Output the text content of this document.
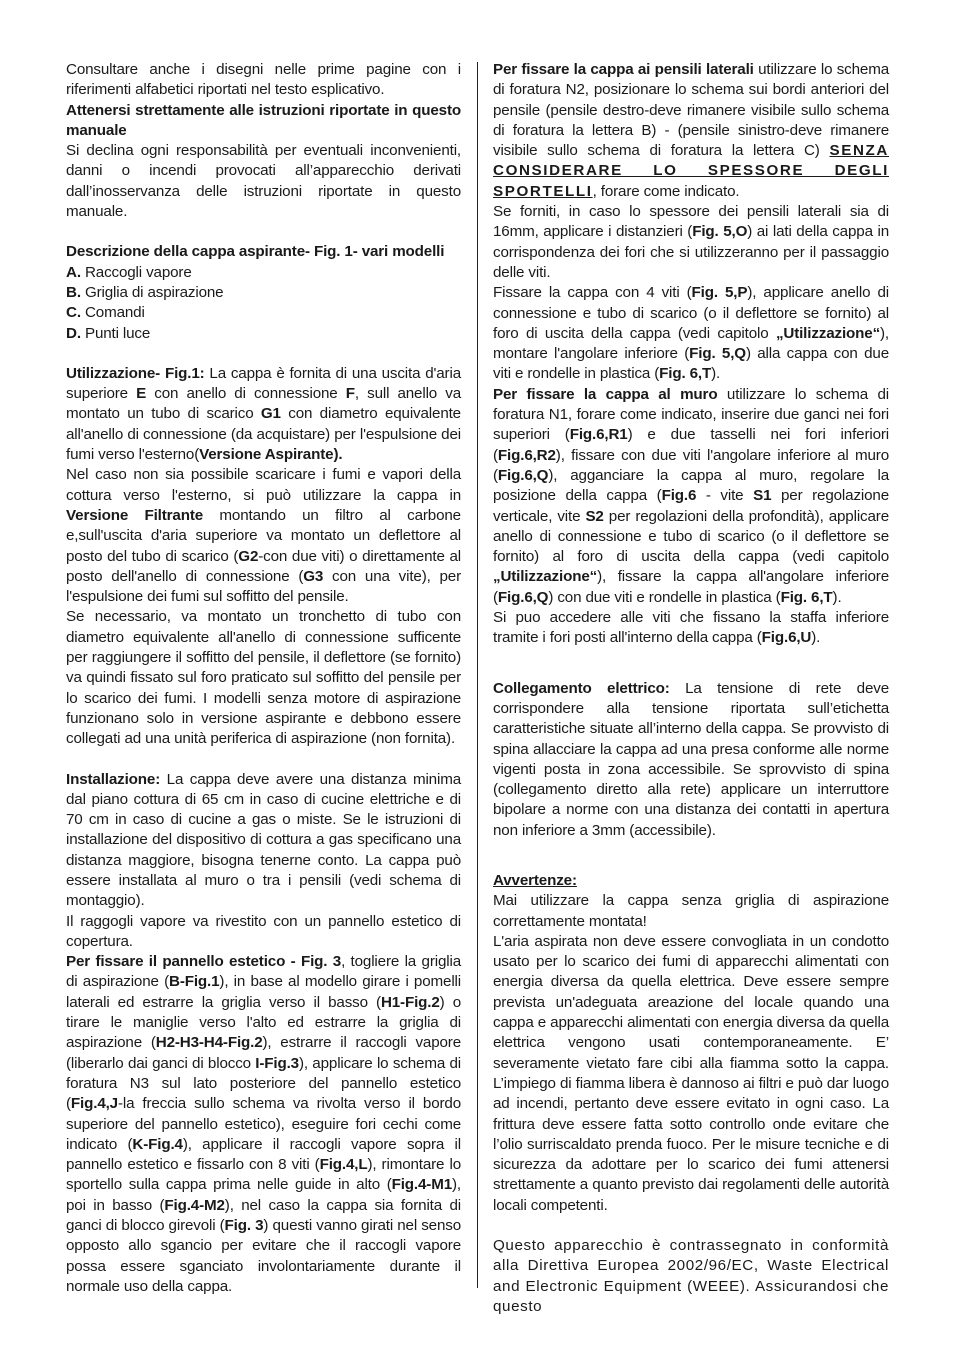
Consultare anche i disegni nelle prime pagine con i riferimenti alfabetici riportati nel testo esplicativo.

Attenersi strettamente alle istruzioni riportate in questo manuale

Si declina ogni responsabilità per eventuali inconvenienti, danni o incendi provocati all’apparecchio derivati dall’inosservanza delle istruzioni riportate in questo manuale.

Descrizione della cappa aspirante- Fig. 1- vari modelli

A. Raccogli vapore

B. Griglia di aspirazione

C. Comandi

D. Punti luce

Utilizzazione- Fig.1: La cappa è fornita di una uscita d'aria superiore E con anello di connessione F, sull anello va montato un tubo di scarico G1 con diametro equivalente all'anello di connessione (da acquistare) per l'espulsione dei fumi verso l'esterno(Versione Aspirante).

Nel caso non sia possibile scaricare i fumi e vapori della cottura verso l'esterno, si può utilizzare la cappa in Versione Filtrante montando un filtro al carbone e,sull'uscita d'aria superiore va montato un deflettore al posto del tubo di scarico (G2-con due viti) o direttamente al posto dell'anello di connessione (G3 con una vite), per l'espulsione dei fumi sul soffitto del pensile.

Se necessario, va montato un tronchetto di tubo con diametro equivalente all'anello di connessione sufficente per raggiungere il soffitto del pensile, il deflettore (se fornito) va quindi fissato sul foro praticato sul soffitto del pensile per lo scarico dei fumi. I modelli senza motore di aspirazione funzionano solo in versione aspirante e debbono essere collegati ad una unità periferica di aspirazione (non fornita).

Installazione: La cappa deve avere una distanza minima dal piano cottura di 65 cm in caso di cucine elettriche e di 70 cm in caso di cucine a gas o miste. Se le istruzioni di installazione del dispositivo di cottura a gas specificano una distanza maggiore, bisogna tenerne conto. La cappa può essere installata al muro o tra i pensili (vedi schema di montaggio).

Il raggogli vapore va rivestito con un pannello estetico di copertura.

Per fissare il pannello estetico - Fig. 3, togliere la griglia di aspirazione (B-Fig.1), in base al modello girare i pomelli laterali ed estrarre la griglia verso il basso (H1-Fig.2) o tirare le maniglie verso l'alto ed estrarre la griglia di aspirazione (H2-H3-H4-Fig.2), estrarre il raccogli vapore (liberarlo dai ganci di blocco I-Fig.3), applicare lo schema di foratura N3 sul lato posteriore del pannello estetico (Fig.4,J-la freccia sullo schema va rivolta verso il bordo superiore del pannello estetico), eseguire fori cechi come indicato (K-Fig.4), applicare il raccogli vapore sopra il pannello estetico e fissarlo con 8 viti (Fig.4,L), rimontare lo sportello sulla cappa prima nelle guide in alto (Fig.4-M1), poi in basso (Fig.4-M2), nel caso la cappa sia fornita di ganci di blocco girevoli (Fig. 3) questi vanno girati nel senso opposto allo sgancio per evitare che il raccogli vapore possa essere sganciato involontariamente durante il normale uso della cappa.

Per fissare la cappa ai pensili laterali utilizzare lo schema di foratura N2, posizionare lo schema sui bordi anteriori del pensile (pensile destro-deve rimanere visibile sullo schema di foratura la lettera B) - (pensile sinistro-deve rimanere visibile sullo schema di foratura la lettera C) SENZA CONSIDERARE LO SPESSORE DEGLI SPORTELLI, forare come indicato.

Se forniti, in caso lo spessore dei pensili laterali sia di 16mm, applicare i distanzieri (Fig. 5,O) ai lati della cappa in corrispondenza dei fori che si utilizzeranno per il passaggio delle viti.

Fissare la cappa con 4 viti (Fig. 5,P), applicare anello di connessione e tubo di scarico (o il deflettore se fornito) al foro di uscita della cappa (vedi capitolo „Utilizzazione“), montare l'angolare inferiore (Fig. 5,Q) alla cappa con due viti e rondelle in plastica (Fig. 6,T).

Per fissare la cappa al muro utilizzare lo schema di foratura N1, forare come indicato, inserire due ganci nei fori superiori (Fig.6,R1) e due tasselli nei fori inferiori (Fig.6,R2), fissare con due viti l'angolare inferiore al muro (Fig.6,Q), agganciare la cappa al muro, regolare la posizione della cappa (Fig.6 - vite S1 per regolazione verticale, vite S2 per regolazioni della profondità), applicare anello di connessione e tubo di scarico (o il deflettore se fornito) al foro di uscita della cappa (vedi capitolo „Utilizzazione“), fissare la cappa all'angolare inferiore (Fig.6,Q) con due viti e rondelle in plastica (Fig. 6,T).

Si puo accedere alle viti che fissano la staffa inferiore tramite i fori posti all'interno della cappa (Fig.6,U).

Collegamento elettrico: La tensione di rete deve corrispondere alla tensione riportata sull’etichetta caratteristiche situate all’interno della cappa. Se provvisto di spina allacciare la cappa ad una presa conforme alle norme vigenti posta in zona accessibile. Se sprovvisto di spina (collegamento diretto alla rete) applicare un interruttore bipolare a norme con una distanza dei contatti in apertura non inferiore a 3mm (accessibile).

Avvertenze:

Mai utilizzare la cappa senza griglia di aspirazione correttamente montata!

L'aria aspirata non deve essere convogliata in un condotto usato per lo scarico dei fumi di apparecchi alimentati con energia diversa da quella elettrica. Deve essere sempre prevista un'adeguata areazione del locale quando una cappa e apparecchi alimentati con energia diversa da quella elettrica vengono usati contemporaneamente. E’ severamente vietato fare cibi alla fiamma sotto la cappa. L’impiego di fiamma libera è dannoso ai filtri e può dar luogo ad incendi, pertanto deve essere evitato in ogni caso. La frittura deve essere fatta sotto controllo onde evitare che l’olio surriscaldato prenda fuoco. Per le misure tecniche e di sicurezza da adottare per lo scarico dei fumi attenersi strettamente a quanto previsto dai regolamenti delle autorità locali competenti.

Questo apparecchio è contrassegnato in conformità alla Direttiva Europea 2002/96/EC, Waste Electrical and Electronic Equipment (WEEE). Assicurandosi che questo
